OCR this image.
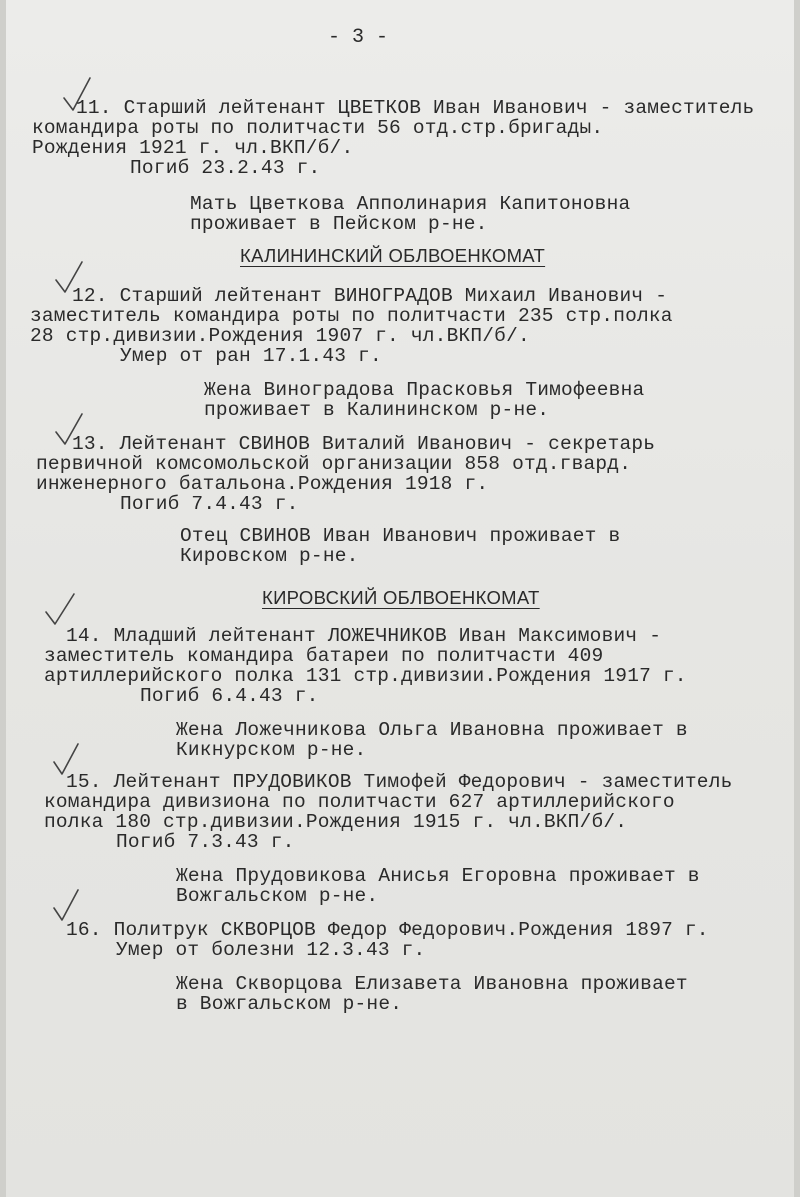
- 3 -
11. Старший лейтенант ЦВЕТКОВ Иван Иванович - заместитель
командира роты по политчасти 56 отд.стр.бригады.
Рождения 1921 г. чл.ВКП/б/.
Погиб 23.2.43 г.
Мать Цветкова Апполинария Капитоновна
проживает в Пейском р-не.
КАЛИНИНСКИЙ ОБЛВОЕНКОМАТ
12. Старший лейтенант ВИНОГРАДОВ Михаил Иванович -
заместитель командира роты по политчасти 235 стр.полка
28 стр.дивизии.Рождения 1907 г. чл.ВКП/б/.
Умер от ран 17.1.43 г.
Жена Виноградова Прасковья Тимофеевна
проживает в Калининском р-не.
13. Лейтенант СВИНОВ Виталий Иванович - секретарь
первичной комсомольской организации 858 отд.гвард.
инженерного батальона.Рождения 1918 г.
Погиб 7.4.43 г.
Отец СВИНОВ Иван Иванович проживает в
Кировском р-не.
КИРОВСКИЙ ОБЛВОЕНКОМАТ
14. Младший лейтенант ЛОЖЕЧНИКОВ Иван Максимович -
заместитель командира батареи по политчасти 409
артиллерийского полка 131 стр.дивизии.Рождения 1917 г.
Погиб 6.4.43 г.
Жена Ложечникова Ольга Ивановна проживает в
Кикнурском р-не.
15. Лейтенант ПРУДОВИКОВ Тимофей Федорович - заместитель
командира дивизиона по политчасти 627 артиллерийского
полка 180 стр.дивизии.Рождения 1915 г. чл.ВКП/б/.
Погиб 7.3.43 г.
Жена Прудовикова Анисья Егоровна проживает в
Вожгальском р-не.
16. Политрук СКВОРЦОВ Федор Федорович.Рождения 1897 г.
Умер от болезни 12.3.43 г.
Жена Скворцова Елизавета Ивановна проживает
в Вожгальском р-не.
